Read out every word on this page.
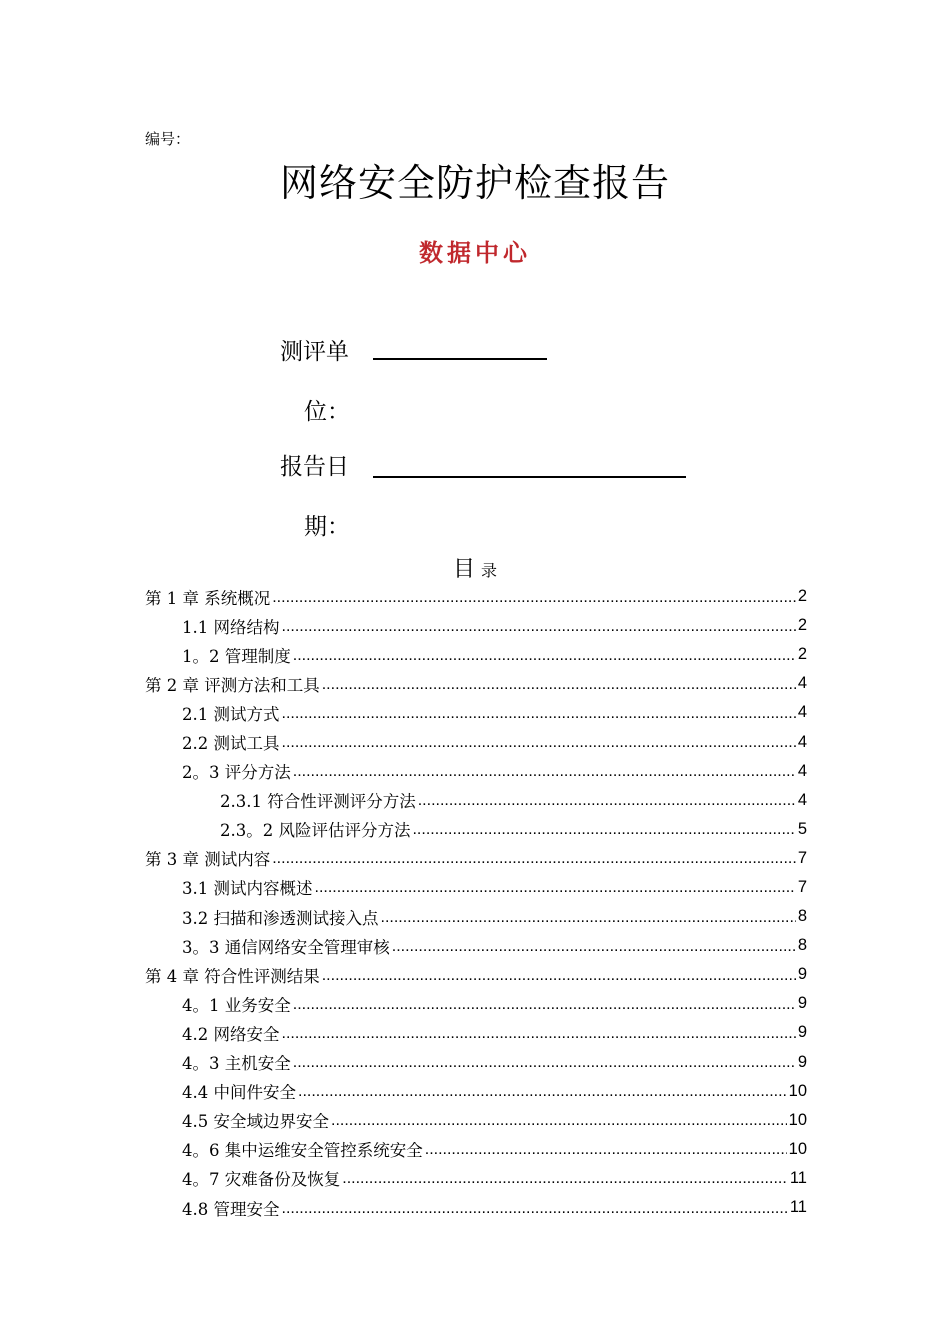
编号：
网络安全防护检查报告
数据中心
测评单
位：
报告日
期：
目 录
第 1 章 系统概况 .....	2
1.1 网络结构 .....	2
1。2 管理制度 .....	2
第 2 章 评测方法和工具 .....	4
2.1 测试方式 .....	4
2.2 测试工具 .....	4
2。3 评分方法 .....	4
2.3.1 符合性评测评分方法 .....	4
2.3。2 风险评估评分方法 .....	5
第 3 章 测试内容 .....	7
3.1 测试内容概述 .....	7
3.2 扫描和渗透测试接入点 .....	8
3。3 通信网络安全管理审核 .....	8
第 4 章 符合性评测结果 .....	9
4。1 业务安全 .....	9
4.2 网络安全 .....	9
4。3 主机安全 .....	9
4.4 中间件安全 .....	10
4.5 安全域边界安全 .....	10
4。6 集中运维安全管控系统安全 .....	10
4。7 灾难备份及恢复 .....	11
4.8 管理安全 .....	11
